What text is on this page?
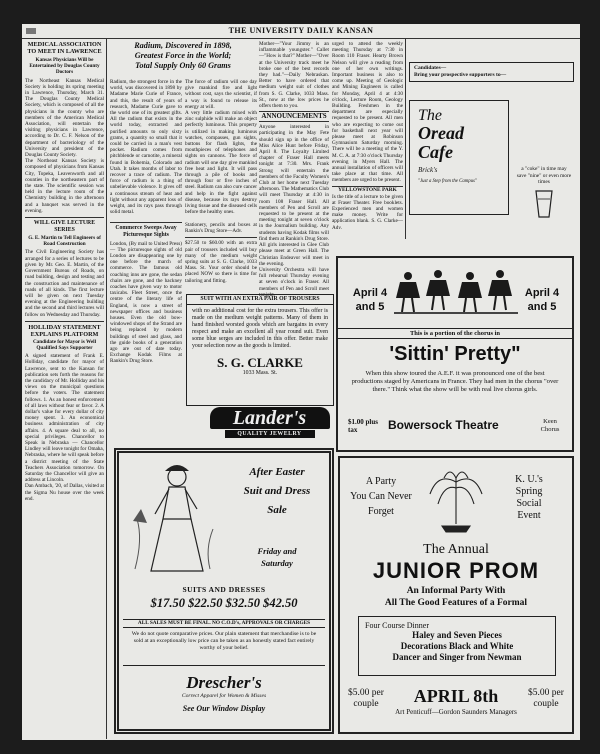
THE UNIVERSITY DAILY KANSAN
MEDICAL ASSOCIATION TO MEET IN LAWRENCE
Kansas Physicians Will be Entertained by Douglas County Doctors
The Northeast Kansas Medical Society is holding its spring meeting in Lawrence, Thursday, March 31. The Douglas County Medical Society, which is composed of all the physicians in the county who are members of the American Medical Association, will entertain the visiting physicians in Lawrence, according to Dr. C. F. Nelson of the department of bacteriology of the University and president of the Douglas County Society.
The Northeast Kansas Society is composed of physicians from Kansas City, Topeka, Leavenworth and all counties in the northeastern part of the state. The scientific session was held in the lecture room of the Chemistry building in the afternoon and a banquet was served in the evening.
WILL GIVE LECTURE SERIES
G. E. Martin to Tell Engineers of Road Construction
The Civil Engineering Society has arranged for a series of lectures to be given by Mr. Geo. E. Martin, of the Government Bureau of Roads, on road building, design and testing and the construction and maintenance of roads of all kinds. The first lecture will be given on next Tuesday evening at the Engineering building and the second and third lectures will follow on Wednesday and Thursday.
HOLLIDAY STATEMENT EXPLAINS PLATFORM
Candidate for Mayor is Well Qualified Says Supporter
A signed statement of Frank E. Holliday, candidate for mayor of Lawrence, sent to the Kansan for publication sets forth the reasons for the candidacy of Mr. Holliday and his views on the municipal questions before the voters. The statement follows. 1. As an honest enforcement of all laws without fear or favor. 2. A dollar's value for every dollar of city money spent. 3. An economical business administration of city affairs. 4. A square deal to all, no special privileges. Chancellor to Speak in Nebraska — Chancellor Lindley will leave tonight for Omaha, Nebraska, where he will speak before a district meeting of the State Teachers Association tomorrow. On Saturday the Chancellor will give an address at Lincoln.
Dan Ambach, '20, of Dallas, visited at the Sigma Nu house over the week end.
Radium, Discovered in 1898,
Greatest Force in the World;
Total Supply Only 60 Grams
Radium, the strongest force in the world, was discovered in 1898 by Madame Marie Curie of France, and this, the result of years of research, Madame Curie gave to the world one of its greatest gifts. All the radium that exists in the world today, extracted and purified amounts to only sixty grams, a quantity so small that it could be carried in a man's vest pocket. Radium comes from pitchblende or carnotite, a mineral found in Bohemia, Colorado and Utah. It takes months of labor to recover a trace of radium. The force of radium is a thing of unbelievable violence. It gives off a continuous stream of heat and light without any apparent loss of weight, and its rays pass through solid metal.
The force of radium will one day give mankind fire and light without cost, says the scientist, if a way is found to release its energy at will.
A very little radium mixed with zinc sulphide will make an object perfectly luminous. This property is utilized in making luminous watches, compasses, gun sights, buttons for flash lights, the mouthpieces of telephones and sights on cannons. The force of radium will one day give mankind free heat and light. It will pass through a pile of books and through four or five inches of steel. Radium can also cure cancer and help in the fight against disease, because its rays destroy living tissue and the diseased cells before the healthy ones.
Commerce Sweeps Away Picturesque Sights
London, (By mail to United Press) — The picturesque sights of old London are disappearing one by one before the march of commerce. The famous old coaching inns are gone, the sedan chairs are gone, and the hackney coaches have given way to motor taxicabs. Fleet Street, once the centre of the literary life of England, is now a street of newspaper offices and business houses. Even the old bow-windowed shops of the Strand are being replaced by modern buildings of steel and glass, and the guide books of a generation ago are out of date today. Exchange Kodak Films at Rankin's Drug Store.
Stationery, pencils and boxes at Rankin's Drug Store—Adv.
$27.50 to $60.00 with an extra pair of trousers included will buy many of the medium weight spring suits at S. G. Clarke, 1033 Mass. St. Your order should be placed NOW so there is time for tailoring and fitting.
Mother—"Your Jimmy is an inflammable youngster." Callet—"How is that?" Mother—"Over at the University track meet he broke one of the best records they had."—Daily Nebraskan. Better to have ordered that medium weight suit of clothes from S. G. Clarke, 1033 Mass. St., now at the low prices he offers them to you.
ANNOUNCEMENTS
Anyone interested in participating in the May Fete should sign up in the office of Miss Alice Hunt before Friday, April 8. The Loyalty Limited chapter of Fraser Hall meets tonight at 7:30. Mrs. Frank Strong will entertain the members of the Faculty Women's Club at her home next Tuesday afternoon. The Mathematics Club will meet Thursday at 4:30 in room 108 Fraser Hall. All members of Pen and Scroll are requested to be present at the meeting tonight at seven o'clock in the Journalism building. Any students having Kodak films will find them at Rankin's Drug Store. All girls interested in Glee Club please meet at Green Hall. The Christian Endeavor will meet in the evening.
University Orchestra will have full rehearsal Thursday evening at seven o'clock in Fraser. All members of Pen and Scroll meet tonight.
urged to attend the weekly meeting Thursday at 7:30 in Room 110 Fraser. Hearty Brown Nelson will give a reading from one of her own writings. Important business is also to come up. Meeting of Geologic and Mining Engineers is called for Monday, April 4 at 4:30 o'clock, Lecture Room, Geology Building. Freshmen in the department are especially requested to be present. All men who are expecting to come out for basketball next year will please meet at Robinson Gymnasium Saturday morning. There will be a meeting of the Y. M. C. A. at 7:30 o'clock Thursday evening in Myers Hall. The annual installation of officers will take place at that time. All members are urged to be present.
YELLOWSTONE PARK
Is the title of a lecture to be given at Fraser Theater. Free booklets. Experienced men and women make money. Write for application blank. S. G. Clarke—Adv.
Candidates—
Bring your prospective supporters to—
The
Oread Cafe
Brick's
"Just a Step from the Campus"
a "coke" in time may save "nine" or even more times
April 4 and 5
April 4 and 5
This is a portion of the chorus in
'Sittin' Pretty"
When this show toured the A.E.F. it was pronounced one of the best productions staged by Americans in France. They had men in the chorus "over there." Think what the show will be with real live chorus girls.
$1.00 plus tax	Bowersock Theatre	Keen Chorus
SUIT WITH AN EXTRA PAIR OF TROUSERS
with no additional cost for the extra trousers. This offer is made on the medium weight patterns. Many of them in hand finished worsted goods which are bargains in every respect and make an excellent all year round suit. Even some blue serges are included in this offer. Better make your selection now as the goods is limited.
S. G. CLARKE
1033 Mass. St.
Lander's
QUALITY JEWELRY
After Easter
Suit and Dress
Sale
Friday and
Saturday
SUITS AND DRESSES
$17.50 $22.50 $32.50 $42.50
ALL SALES MUST BE FINAL. NO C.O.D's, APPROVALS OR CHARGES
We do not quote comparative prices. Our plain statement that merchandise is to be sold at an exceptionally low price can be taken as an honestly stated fact entirely worthy of your belief.
Drescher's
Correct Apparel for Women & Misses
See Our Window Display
A Party
You Can Never
Forget
K. U.'s
Spring
Social
Event
The Annual
JUNIOR PROM
An Informal Party With
All The Good Features of a Formal
Four Course Dinner
Haley and Seven Pieces
Decorations Black and White
Dancer and Singer from Newman
$5.00 per couple	APRIL 8th
Art Penticuff—Gordon Saunders Managers
$5.00 per couple
